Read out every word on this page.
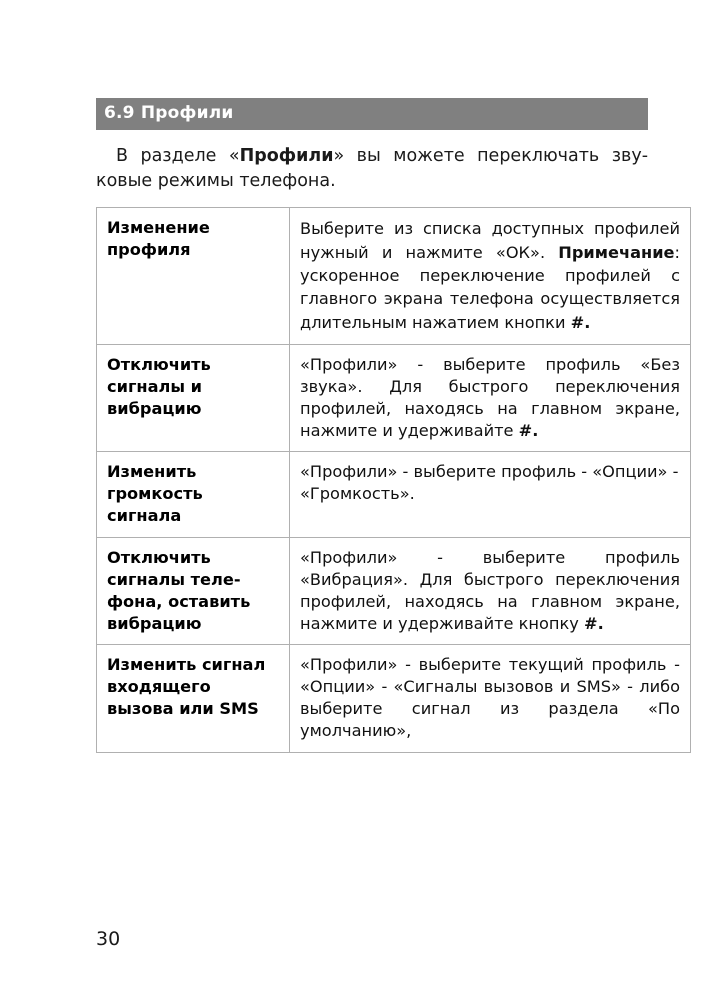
6.9 Профили
В разделе «Профили» вы можете переключать звуковые режимы телефона.
Изменение профиля	Выберите из списка доступных профилей нужный и нажмите «ОК». Примечание: ускоренное переключение профилей с главного экрана телефона осуществляется длительным нажатием кнопки #.

Отключить сигналы и вибрацию	«Профили» - выберите профиль «Без звука». Для быстрого переключения профилей, находясь на главном экране, нажмите и удерживайте #.

Изменить громкость сигнала	«Профили» - выберите профиль - «Опции» - «Громкость».

Отключить сигналы телефона, оставить вибрацию	«Профили» - выберите профиль «Вибрация». Для быстрого переключения профилей, находясь на главном экране, нажмите и удерживайте кнопку #.

Изменить сигнал входящего вызова или SMS	«Профили» - выберите текущий профиль - «Опции» - «Сигналы вызовов и SMS» - либо выберите сигнал из раздела «По умолчанию»,

30
